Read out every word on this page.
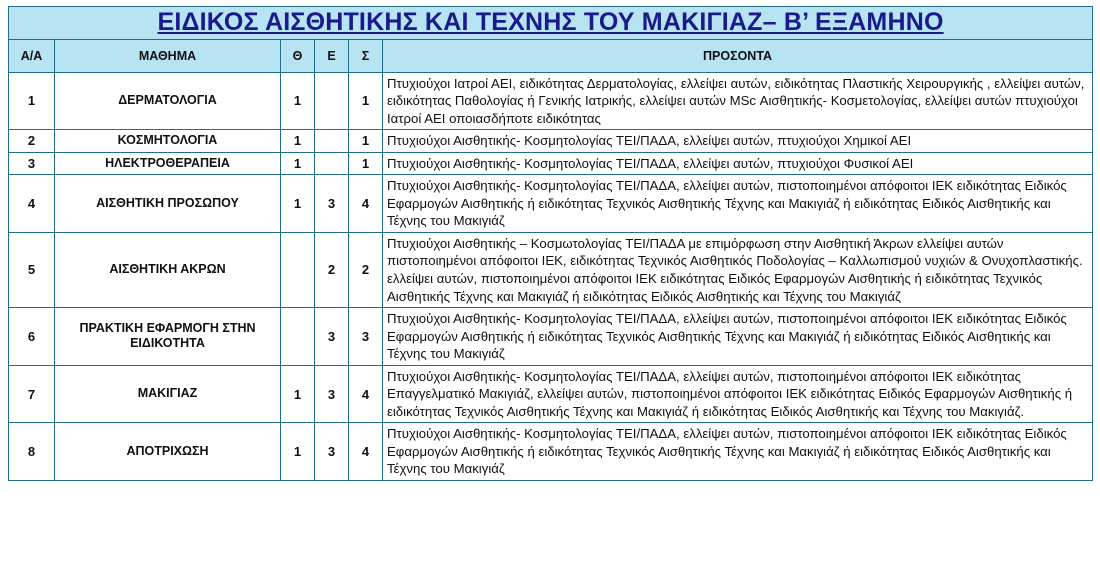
ΕΙΔΙΚΟΣ ΑΙΣΘΗΤΙΚΗΣ ΚΑΙ ΤΕΧΝΗΣ ΤΟΥ ΜΑΚΙΓΙΑΖ– Β’ ΕΞΑΜΗΝΟ					
Α/Α	ΜΑΘΗΜΑ	Θ	Ε	Σ	ΠΡΟΣΟΝΤΑ
1	ΔΕΡΜΑΤΟΛΟΓΙΑ	1		1	Πτυχιούχοι Ιατροί ΑΕΙ, ειδικότητας Δερματολογίας, ελλείψει αυτών, ειδικότητας Πλαστικής Χειρουργικής , ελλείψει αυτών, ειδικότητας Παθολογίας ή Γενικής Ιατρικής, ελλείψει αυτών MSc Αισθητικής- Κοσμετολογίας, ελλείψει αυτών πτυχιούχοι Ιατροί ΑΕΙ οποιασδήποτε ειδικότητας
2	ΚΟΣΜΗΤΟΛΟΓΙΑ	1		1	Πτυχιούχοι Αισθητικής- Κοσμητολογίας ΤΕΙ/ΠΑΔΑ, ελλείψει αυτών, πτυχιούχοι Χημικοί ΑΕΙ
3	ΗΛΕΚΤΡΟΘΕΡΑΠΕΙΑ	1		1	Πτυχιούχοι Αισθητικής- Κοσμητολογίας ΤΕΙ/ΠΑΔΑ, ελλείψει αυτών, πτυχιούχοι Φυσικοί ΑΕΙ
4	ΑΙΣΘΗΤΙΚΗ ΠΡΟΣΩΠΟΥ	1	3	4	Πτυχιούχοι Αισθητικής- Κοσμητολογίας ΤΕΙ/ΠΑΔΑ, ελλείψει αυτών, πιστοποιημένοι απόφοιτοι ΙΕΚ ειδικότητας Ειδικός Εφαρμογών Αισθητικής ή ειδικότητας Τεχνικός Αισθητικής Τέχνης και Μακιγιάζ ή ειδικότητας Ειδικός Αισθητικής και Τέχνης του Μακιγιάζ
5	ΑΙΣΘΗΤΙΚΗ ΑΚΡΩΝ		2	2	Πτυχιούχοι Αισθητικής – Κοσμωτολογίας ΤΕΙ/ΠΑΔΑ με επιμόρφωση στην Αισθητική Άκρων ελλείψει αυτών πιστοποιημένοι απόφοιτοι ΙΕΚ, ειδικότητας Τεχνικός Αισθητικός Ποδολογίας – Καλλωπισμού νυχιών & Ονυχοπλαστικής. ελλείψει αυτών, πιστοποιημένοι απόφοιτοι ΙΕΚ ειδικότητας Ειδικός Εφαρμογών Αισθητικής ή ειδικότητας Τεχνικός Αισθητικής Τέχνης και Μακιγιάζ ή ειδικότητας Ειδικός Αισθητικής και Τέχνης του Μακιγιάζ
6	ΠΡΑΚΤΙΚΗ ΕΦΑΡΜΟΓΗ ΣΤΗΝ ΕΙΔΙΚΟΤΗΤΑ		3	3	Πτυχιούχοι Αισθητικής- Κοσμητολογίας ΤΕΙ/ΠΑΔΑ, ελλείψει αυτών, πιστοποιημένοι απόφοιτοι ΙΕΚ ειδικότητας Ειδικός Εφαρμογών Αισθητικής ή ειδικότητας Τεχνικός Αισθητικής Τέχνης και Μακιγιάζ ή ειδικότητας Ειδικός Αισθητικής και Τέχνης του Μακιγιάζ
7	ΜΑΚΙΓΙΑΖ	1	3	4	Πτυχιούχοι Αισθητικής- Κοσμητολογίας ΤΕΙ/ΠΑΔΑ, ελλείψει αυτών, πιστοποιημένοι απόφοιτοι ΙΕΚ ειδικότητας Επαγγελματικό Μακιγιάζ, ελλείψει αυτών, πιστοποιημένοι απόφοιτοι ΙΕΚ ειδικότητας Ειδικός Εφαρμογών Αισθητικής ή ειδικότητας Τεχνικός Αισθητικής Τέχνης και Μακιγιάζ ή ειδικότητας Ειδικός Αισθητικής και Τέχνης του Μακιγιάζ.
8	ΑΠΟΤΡΙΧΩΣΗ	1	3	4	Πτυχιούχοι Αισθητικής- Κοσμητολογίας ΤΕΙ/ΠΑΔΑ, ελλείψει αυτών, πιστοποιημένοι απόφοιτοι ΙΕΚ ειδικότητας Ειδικός Εφαρμογών Αισθητικής ή ειδικότητας Τεχνικός Αισθητικής Τέχνης και Μακιγιάζ ή ειδικότητας Ειδικός Αισθητικής και Τέχνης του Μακιγιάζ
